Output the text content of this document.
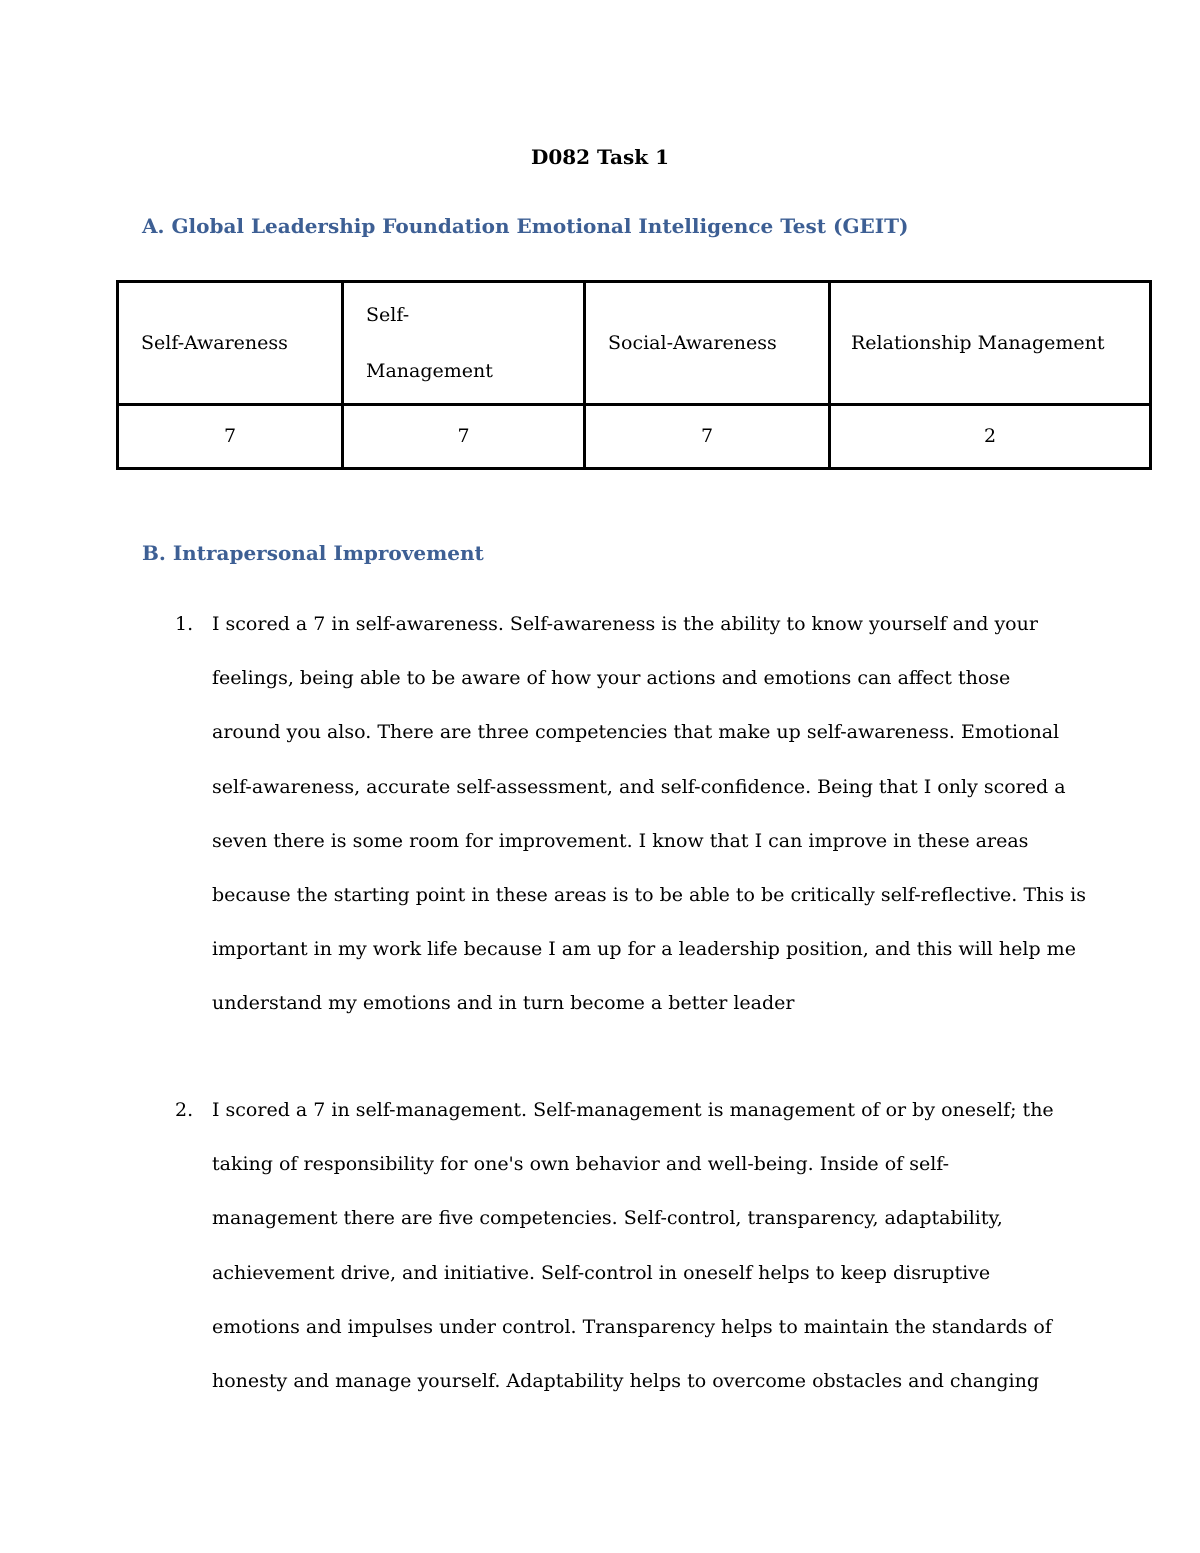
D082 Task 1
A. Global Leadership Foundation Emotional Intelligence Test (GEIT)
Self-Awareness	Self-Management	Social-Awareness	Relationship Management
7	7	7	2
B. Intrapersonal Improvement
1. I scored a 7 in self-awareness. Self-awareness is the ability to know yourself and your
feelings, being able to be aware of how your actions and emotions can affect those
around you also. There are three competencies that make up self-awareness. Emotional
self-awareness, accurate self-assessment, and self-confidence. Being that I only scored a
seven there is some room for improvement. I know that I can improve in these areas
because the starting point in these areas is to be able to be critically self-reflective. This is
important in my work life because I am up for a leadership position, and this will help me
understand my emotions and in turn become a better leader
2. I scored a 7 in self-management. Self-management is management of or by oneself; the
taking of responsibility for one's own behavior and well-being. Inside of self-
management there are five competencies. Self-control, transparency, adaptability,
achievement drive, and initiative. Self-control in oneself helps to keep disruptive
emotions and impulses under control. Transparency helps to maintain the standards of
honesty and manage yourself. Adaptability helps to overcome obstacles and changing
